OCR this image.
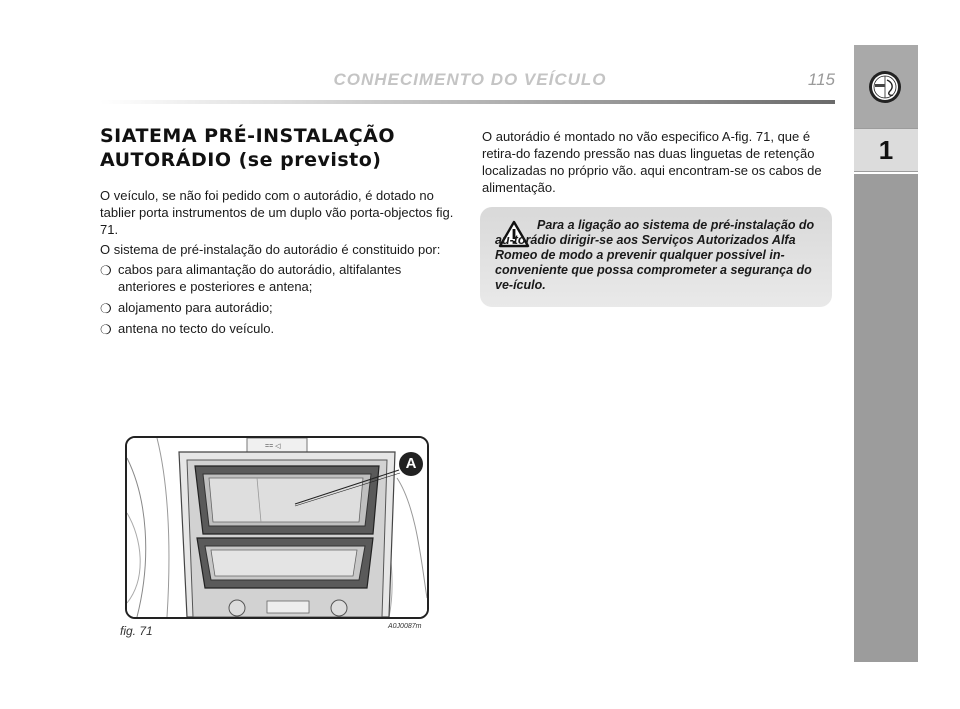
CONHECIMENTO DO VEÍCULO	115
1
SIATEMA PRÉ-INSTALAÇÃO
AUTORÁDIO (se previsto)

O veículo, se não foi pedido com o autorádio, é dotado no tablier porta instrumentos de um duplo vão porta-objectos fig. 71.

O sistema de pré-instalação do autorádio é constituido por:

❍ cabos para alimantação do autorádio, altifalantes anteriores e posteriores e antena;
❍ alojamento para autorádio;
❍ antena no tecto do veículo.

O autorádio é montado no vão especifico A-fig. 71, que é retira-do fazendo pressão nas duas linguetas de retenção localizadas no próprio vão. aqui encontram-se os cabos de alimentação.

Para a ligação ao sistema de pré-instalação do au-torádio dirigir-se aos Serviços Autorizados Alfa Romeo de modo a prevenir qualquer possivel in-conveniente que possa comprometer a segurança do ve-ículo.
== ◁
A
fig. 71	A0J0087m
